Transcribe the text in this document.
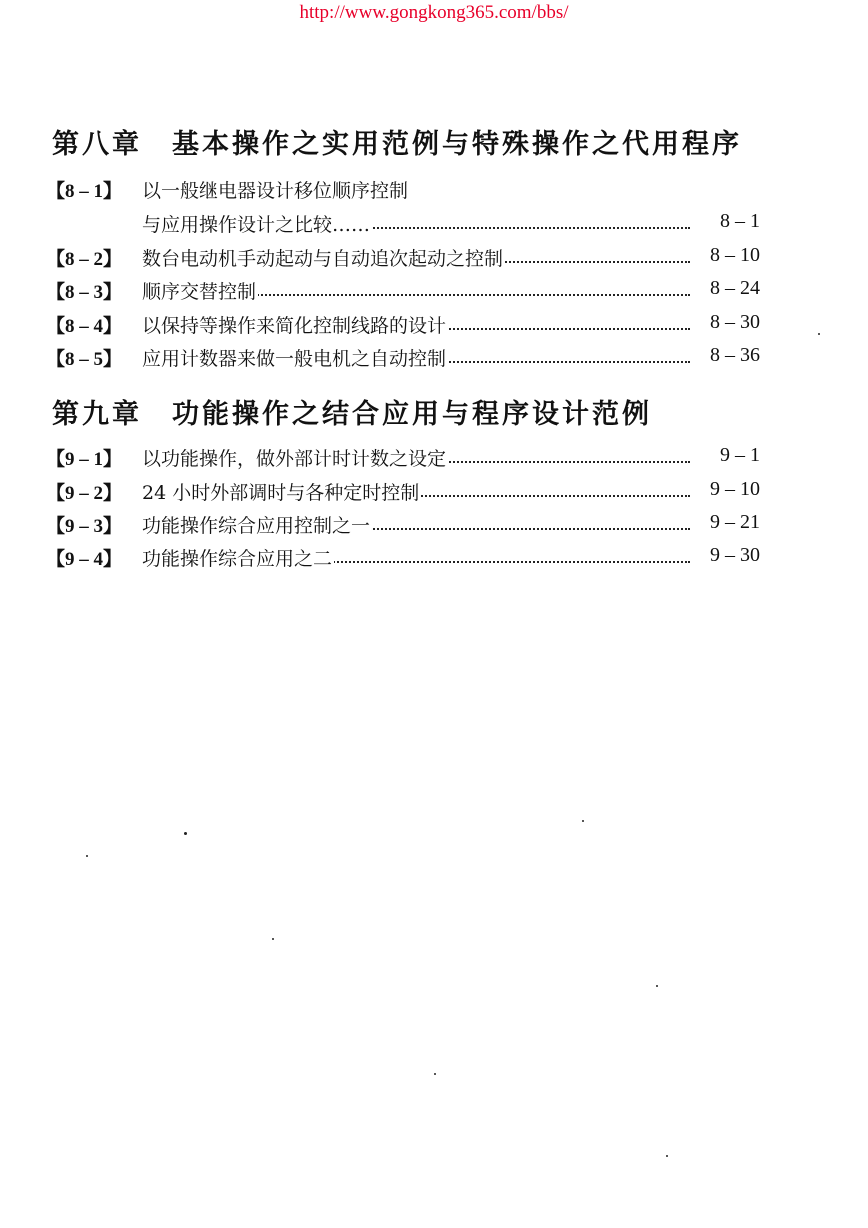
http://www.gongkong365.com/bbs/
第八章 基本操作之实用范例与特殊操作之代用程序
【8 – 1】	以一般继电器设计移位顺序控制
与应用操作设计之比较……	8 – 1
【8 – 2】	数台电动机手动起动与自动追次起动之控制	8 – 10
【8 – 3】	顺序交替控制	8 – 24
【8 – 4】	以保持等操作来简化控制线路的设计	8 – 30
【8 – 5】	应用计数器来做一般电机之自动控制	8 – 36
第九章 功能操作之结合应用与程序设计范例
【9 – 1】	以功能操作，做外部计时计数之设定	9 – 1
【9 – 2】	24 小时外部调时与各种定时控制	9 – 10
【9 – 3】	功能操作综合应用控制之一	9 – 21
【9 – 4】	功能操作综合应用之二	9 – 30
